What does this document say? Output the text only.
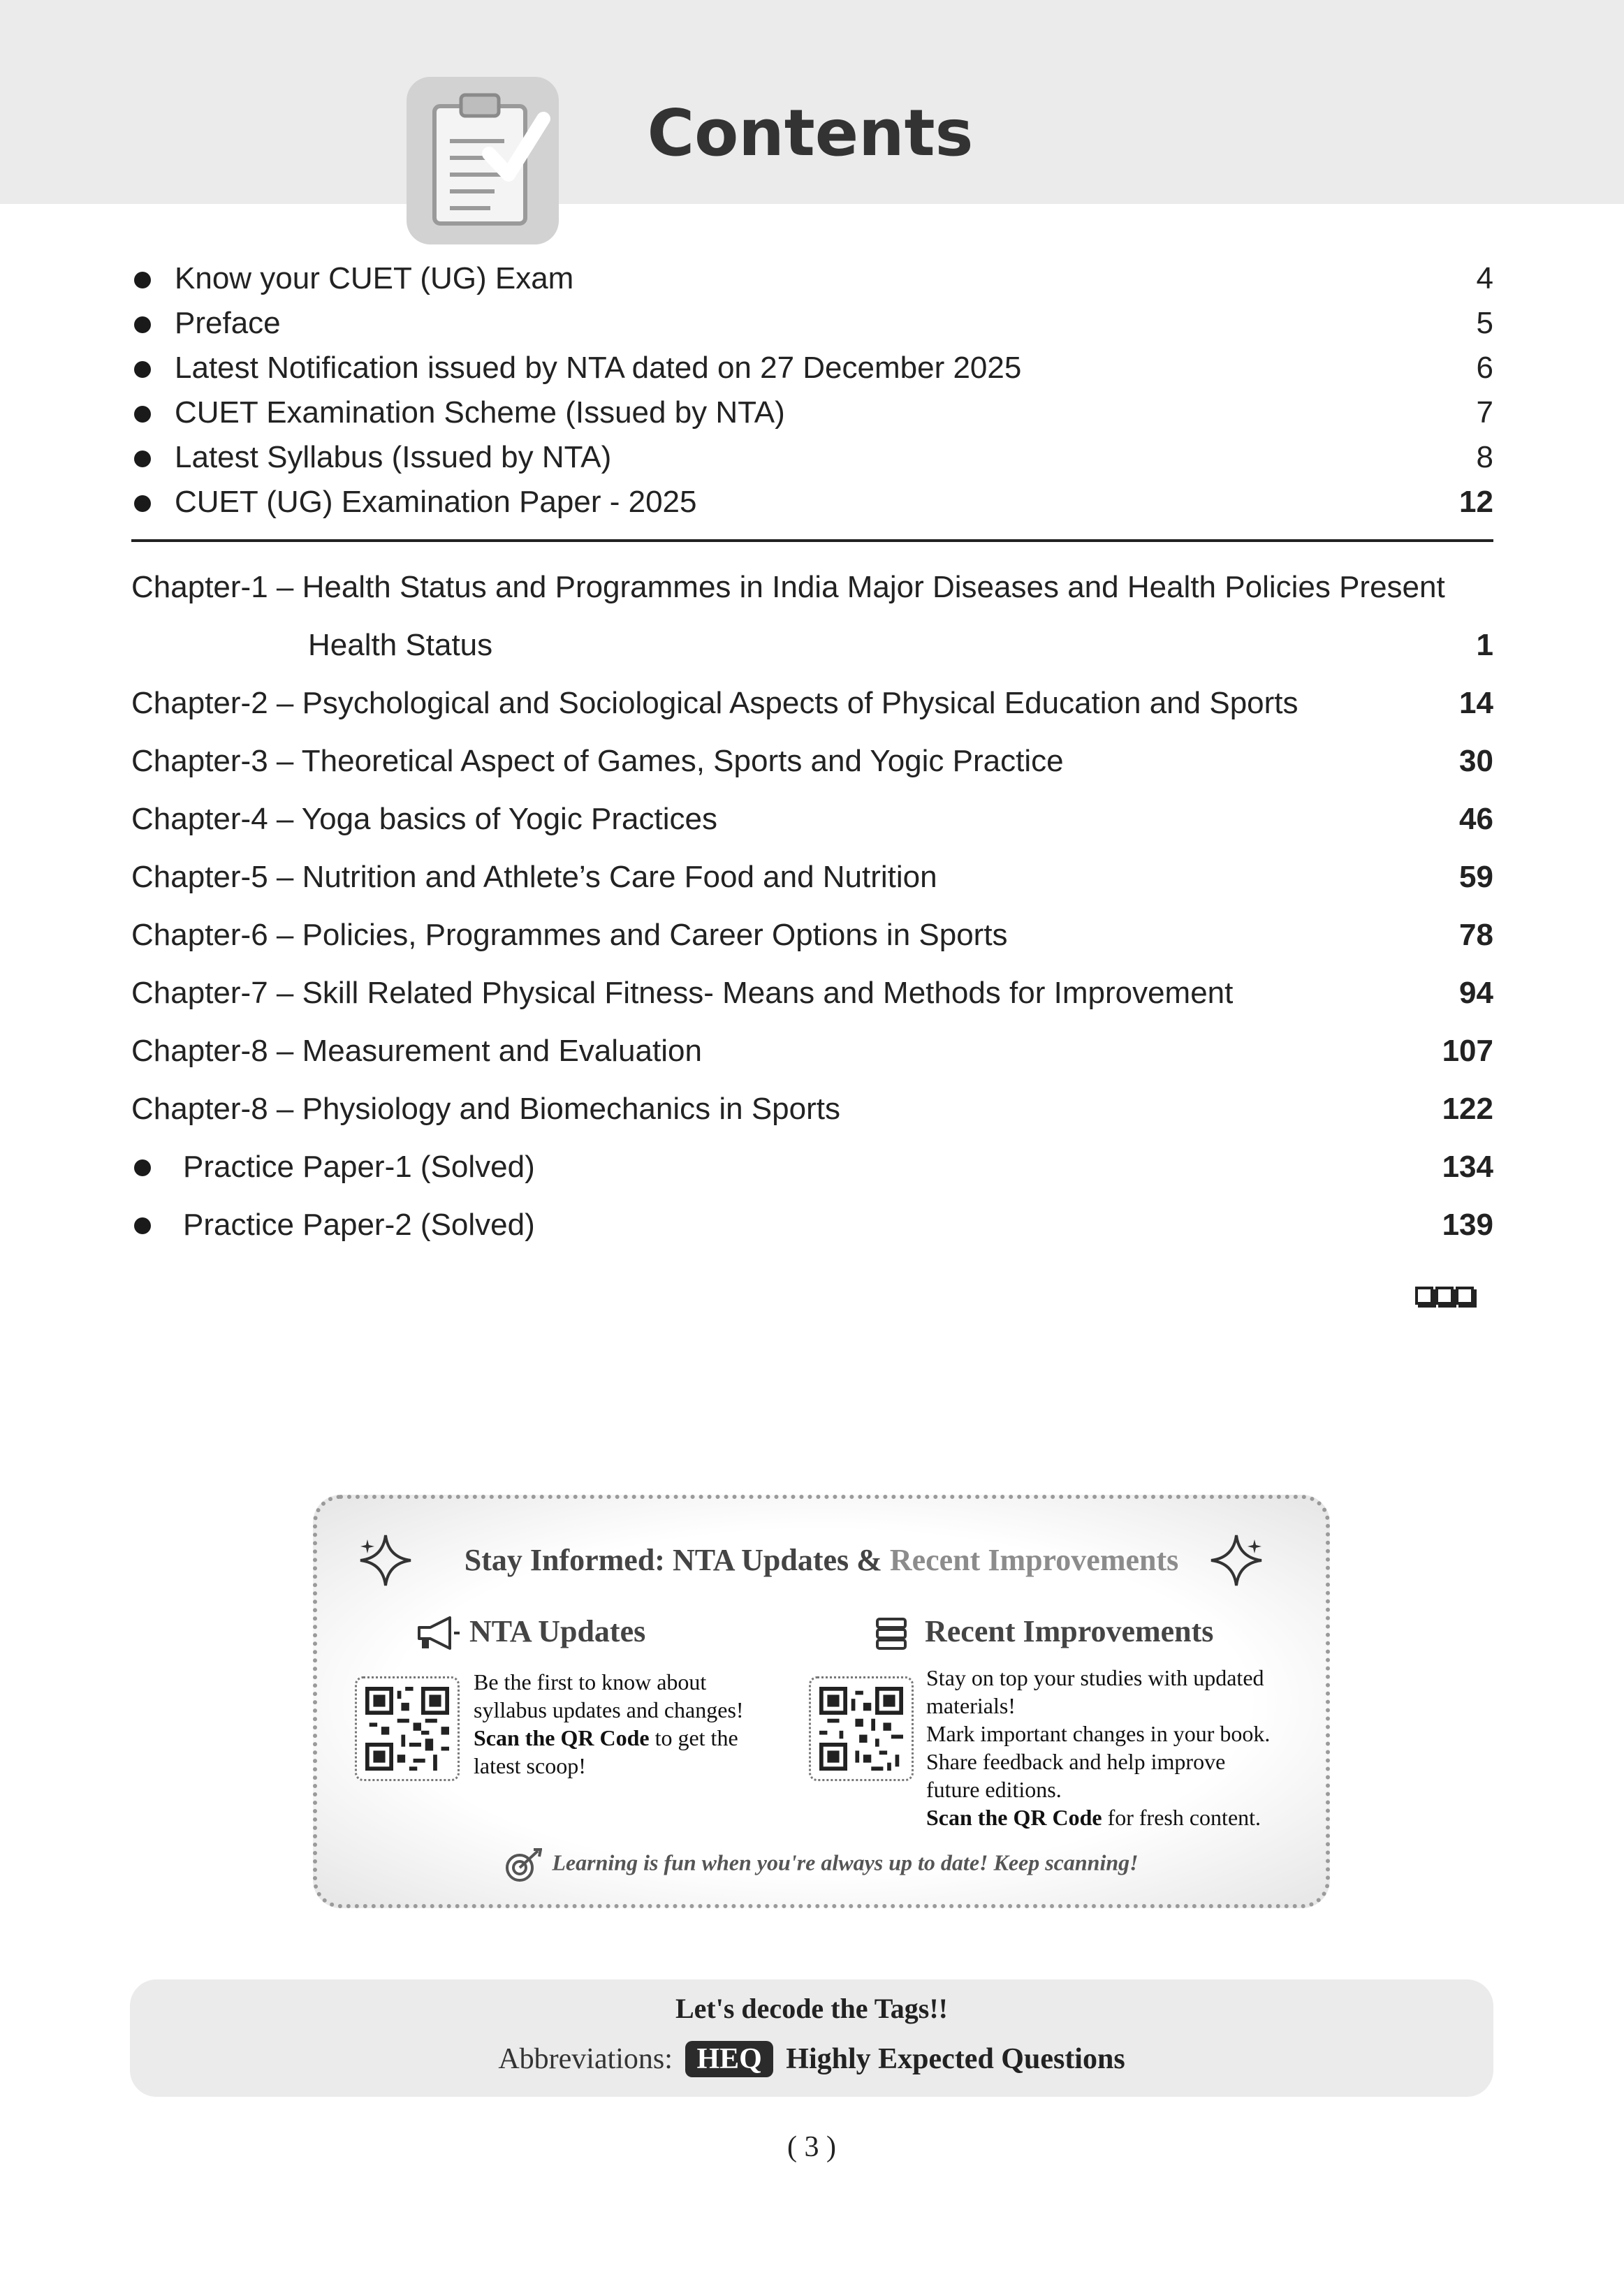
Contents
Know your CUET (UG) Exam	4
Preface	5
Latest Notification issued by NTA dated on 27 December 2025	6
CUET Examination Scheme (Issued by NTA)	7
Latest Syllabus (Issued by NTA)	8
CUET (UG) Examination Paper - 2025	12
Chapter-1 – Health Status and Programmes in India Major Diseases and Health Policies Present
Health Status	1
Chapter-2 – Psychological and Sociological Aspects of Physical Education and Sports	14
Chapter-3 – Theoretical Aspect of Games, Sports and Yogic Practice	30
Chapter-4 – Yoga basics of Yogic Practices	46
Chapter-5 – Nutrition and Athlete’s Care Food and Nutrition	59
Chapter-6 – Policies, Programmes and Career Options in Sports	78
Chapter-7 – Skill Related Physical Fitness- Means and Methods for Improvement	94
Chapter-8 – Measurement and Evaluation	107
Chapter-8 – Physiology and Biomechanics in Sports	122
Practice Paper-1 (Solved)	134
Practice Paper-2 (Solved)	139
Stay Informed: NTA Updates & Recent Improvements
NTA Updates

Be the first to know about

syllabus updates and changes!

Scan the QR Code to get the

latest scoop!

Recent Improvements

Stay on top your studies with updated

materials!

Mark important changes in your book.

Share feedback and help improve

future editions.

Scan the QR Code for fresh content.

Learning is fun when you're always up to date! Keep scanning!
Let's decode the Tags!!
Abbreviations: HEQ Highly Expected Questions
( 3 )
